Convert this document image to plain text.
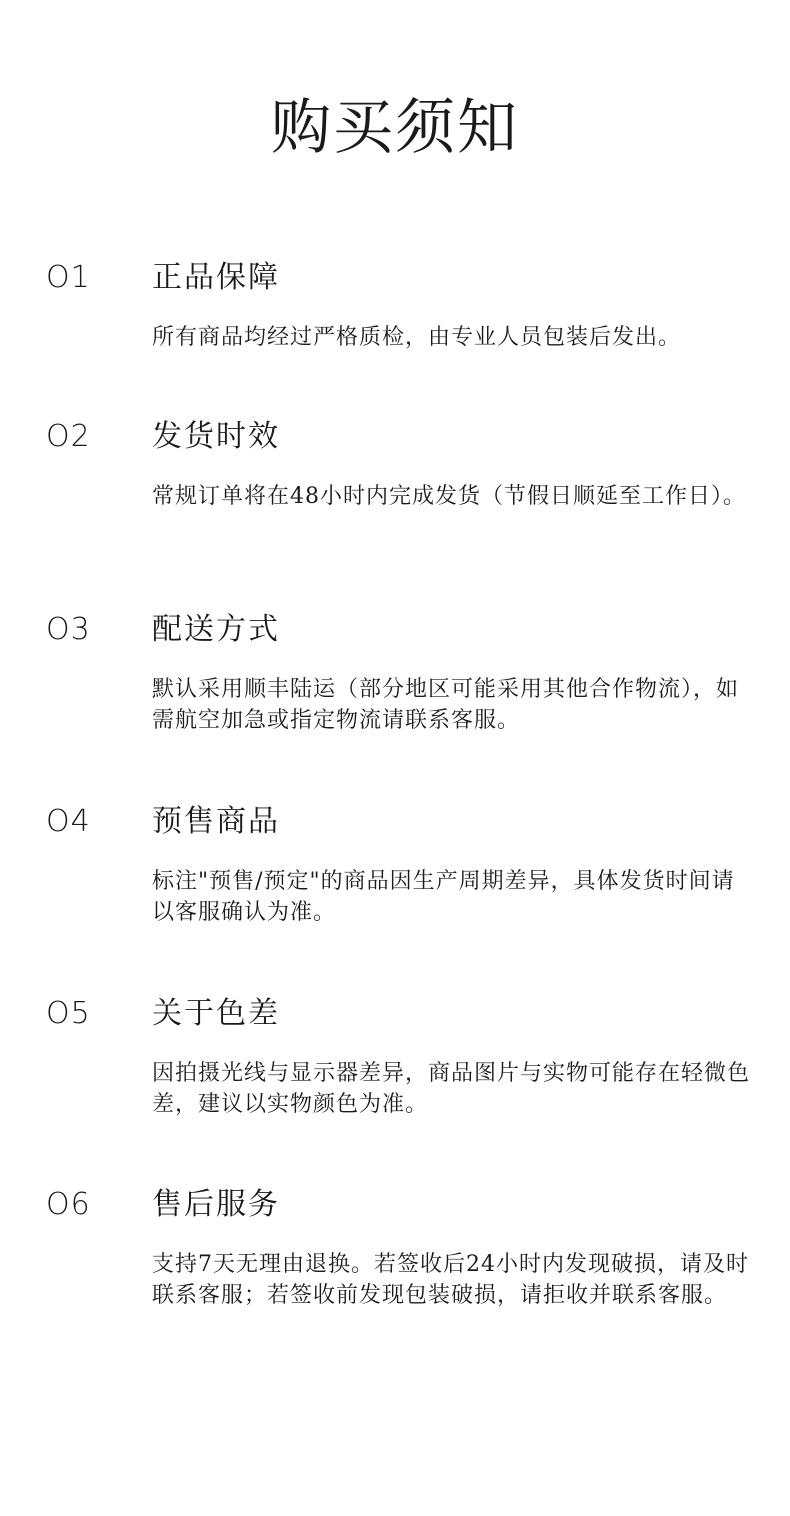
购买须知
O1 正品保障
所有商品均经过严格质检，由专业人员包装后发出。
O2 发货时效
常规订单将在48小时内完成发货（节假日顺延至工作日）。
O3 配送方式
默认采用顺丰陆运（部分地区可能采用其他合作物流），如需航空加急或指定物流请联系客服。
O4 预售商品
标注"预售/预定"的商品因生产周期差异，具体发货时间请以客服确认为准。
O5 关于色差
因拍摄光线与显示器差异，商品图片与实物可能存在轻微色差，建议以实物颜色为准。
O6 售后服务
支持7天无理由退换。若签收后24小时内发现破损，请及时联系客服；若签收前发现包装破损，请拒收并联系客服。
